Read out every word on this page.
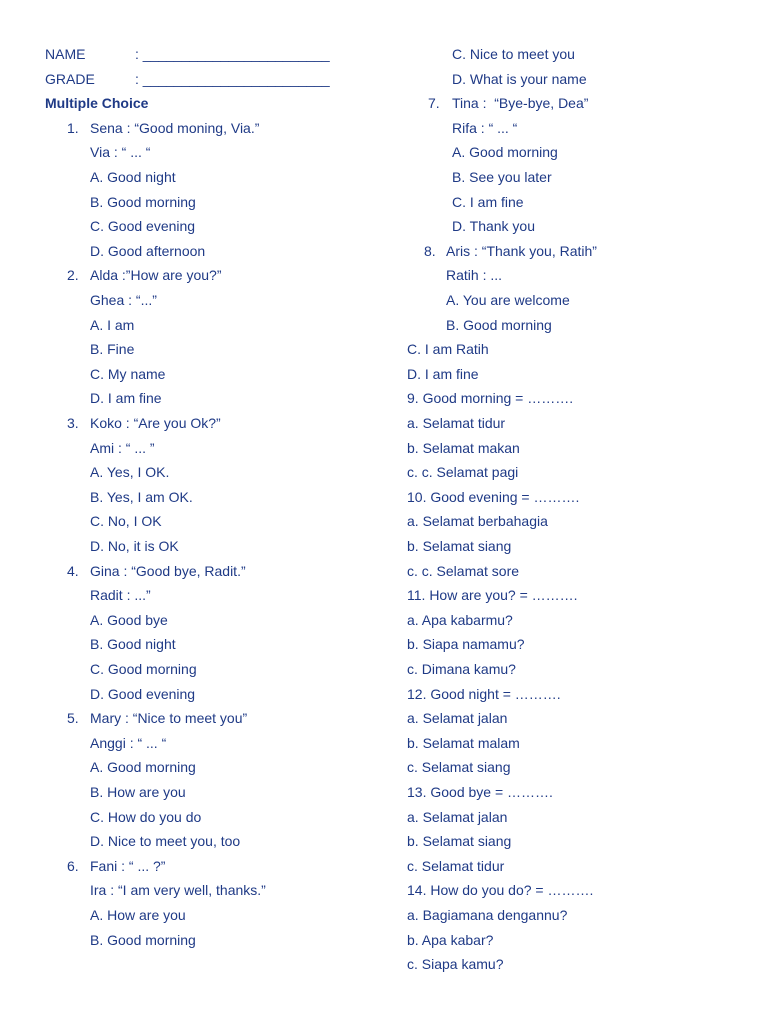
NAME	: ________________________
GRADE	: ________________________
Multiple Choice
1. Sena : “Good moning, Via.”
Via : “ ... “
A. Good night
B. Good morning
C. Good evening
D. Good afternoon
2. Alda :”How are you?”
Ghea : “...”
A. I am
B. Fine
C. My name
D. I am fine
3. Koko : “Are you Ok?”
Ami : “ ... ”
A. Yes, I OK.
B. Yes, I am OK.
C. No, I OK
D. No, it is OK
4. Gina : “Good bye, Radit.”
Radit : ...”
A. Good bye
B. Good night
C. Good morning
D. Good evening
5. Mary : “Nice to meet you”
Anggi : “ ... “
A. Good morning
B. How are you
C. How do you do
D. Nice to meet you, too
6. Fani : “ ... ?”
Ira : “I am very well, thanks.”
A. How are you
B. Good morning
C. Nice to meet you
D. What is your name
7. Tina :  “Bye-bye, Dea”
Rifa : “ ... “
A. Good morning
B. See you later
C. I am fine
D. Thank you
8. Aris : “Thank you, Ratih”
Ratih : ...
A. You are welcome
B. Good morning
C. I am Ratih
D. I am fine
9. Good morning = ……….
a. Selamat tidur
b. Selamat makan
c. c. Selamat pagi
10. Good evening = ……….
a. Selamat berbahagia
b. Selamat siang
c. c. Selamat sore
11. How are you? = ……….
a. Apa kabarmu?
b. Siapa namamu?
c. Dimana kamu?
12. Good night = ……….
a. Selamat jalan
b. Selamat malam
c. Selamat siang
13. Good bye = ……….
a. Selamat jalan
b. Selamat siang
c. Selamat tidur
14. How do you do? = ……….
a. Bagiamana dengannu?
b. Apa kabar?
c. Siapa kamu?
